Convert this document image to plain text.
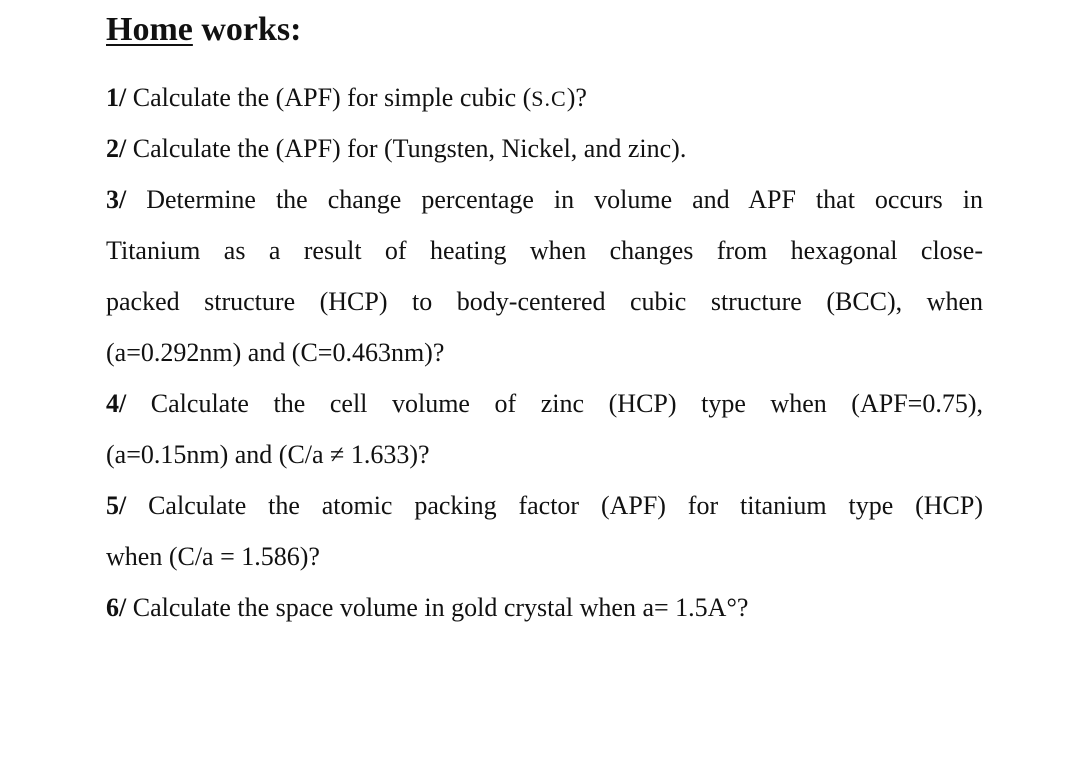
Home works:
1/ Calculate the (APF) for simple cubic (S.C)?
2/ Calculate the (APF) for (Tungsten, Nickel, and zinc).
3/ Determine the change percentage in volume and APF that occurs in
Titanium as a result of heating when changes from hexagonal close-
packed structure (HCP) to body-centered cubic structure (BCC), when
(a=0.292nm) and (C=0.463nm)?
4/ Calculate the cell volume of zinc (HCP) type when (APF=0.75),
(a=0.15nm) and (C/a ≠ 1.633)?
5/ Calculate the atomic packing factor (APF) for titanium type (HCP)
when (C/a = 1.586)?
6/ Calculate the space volume in gold crystal when a= 1.5A°?
